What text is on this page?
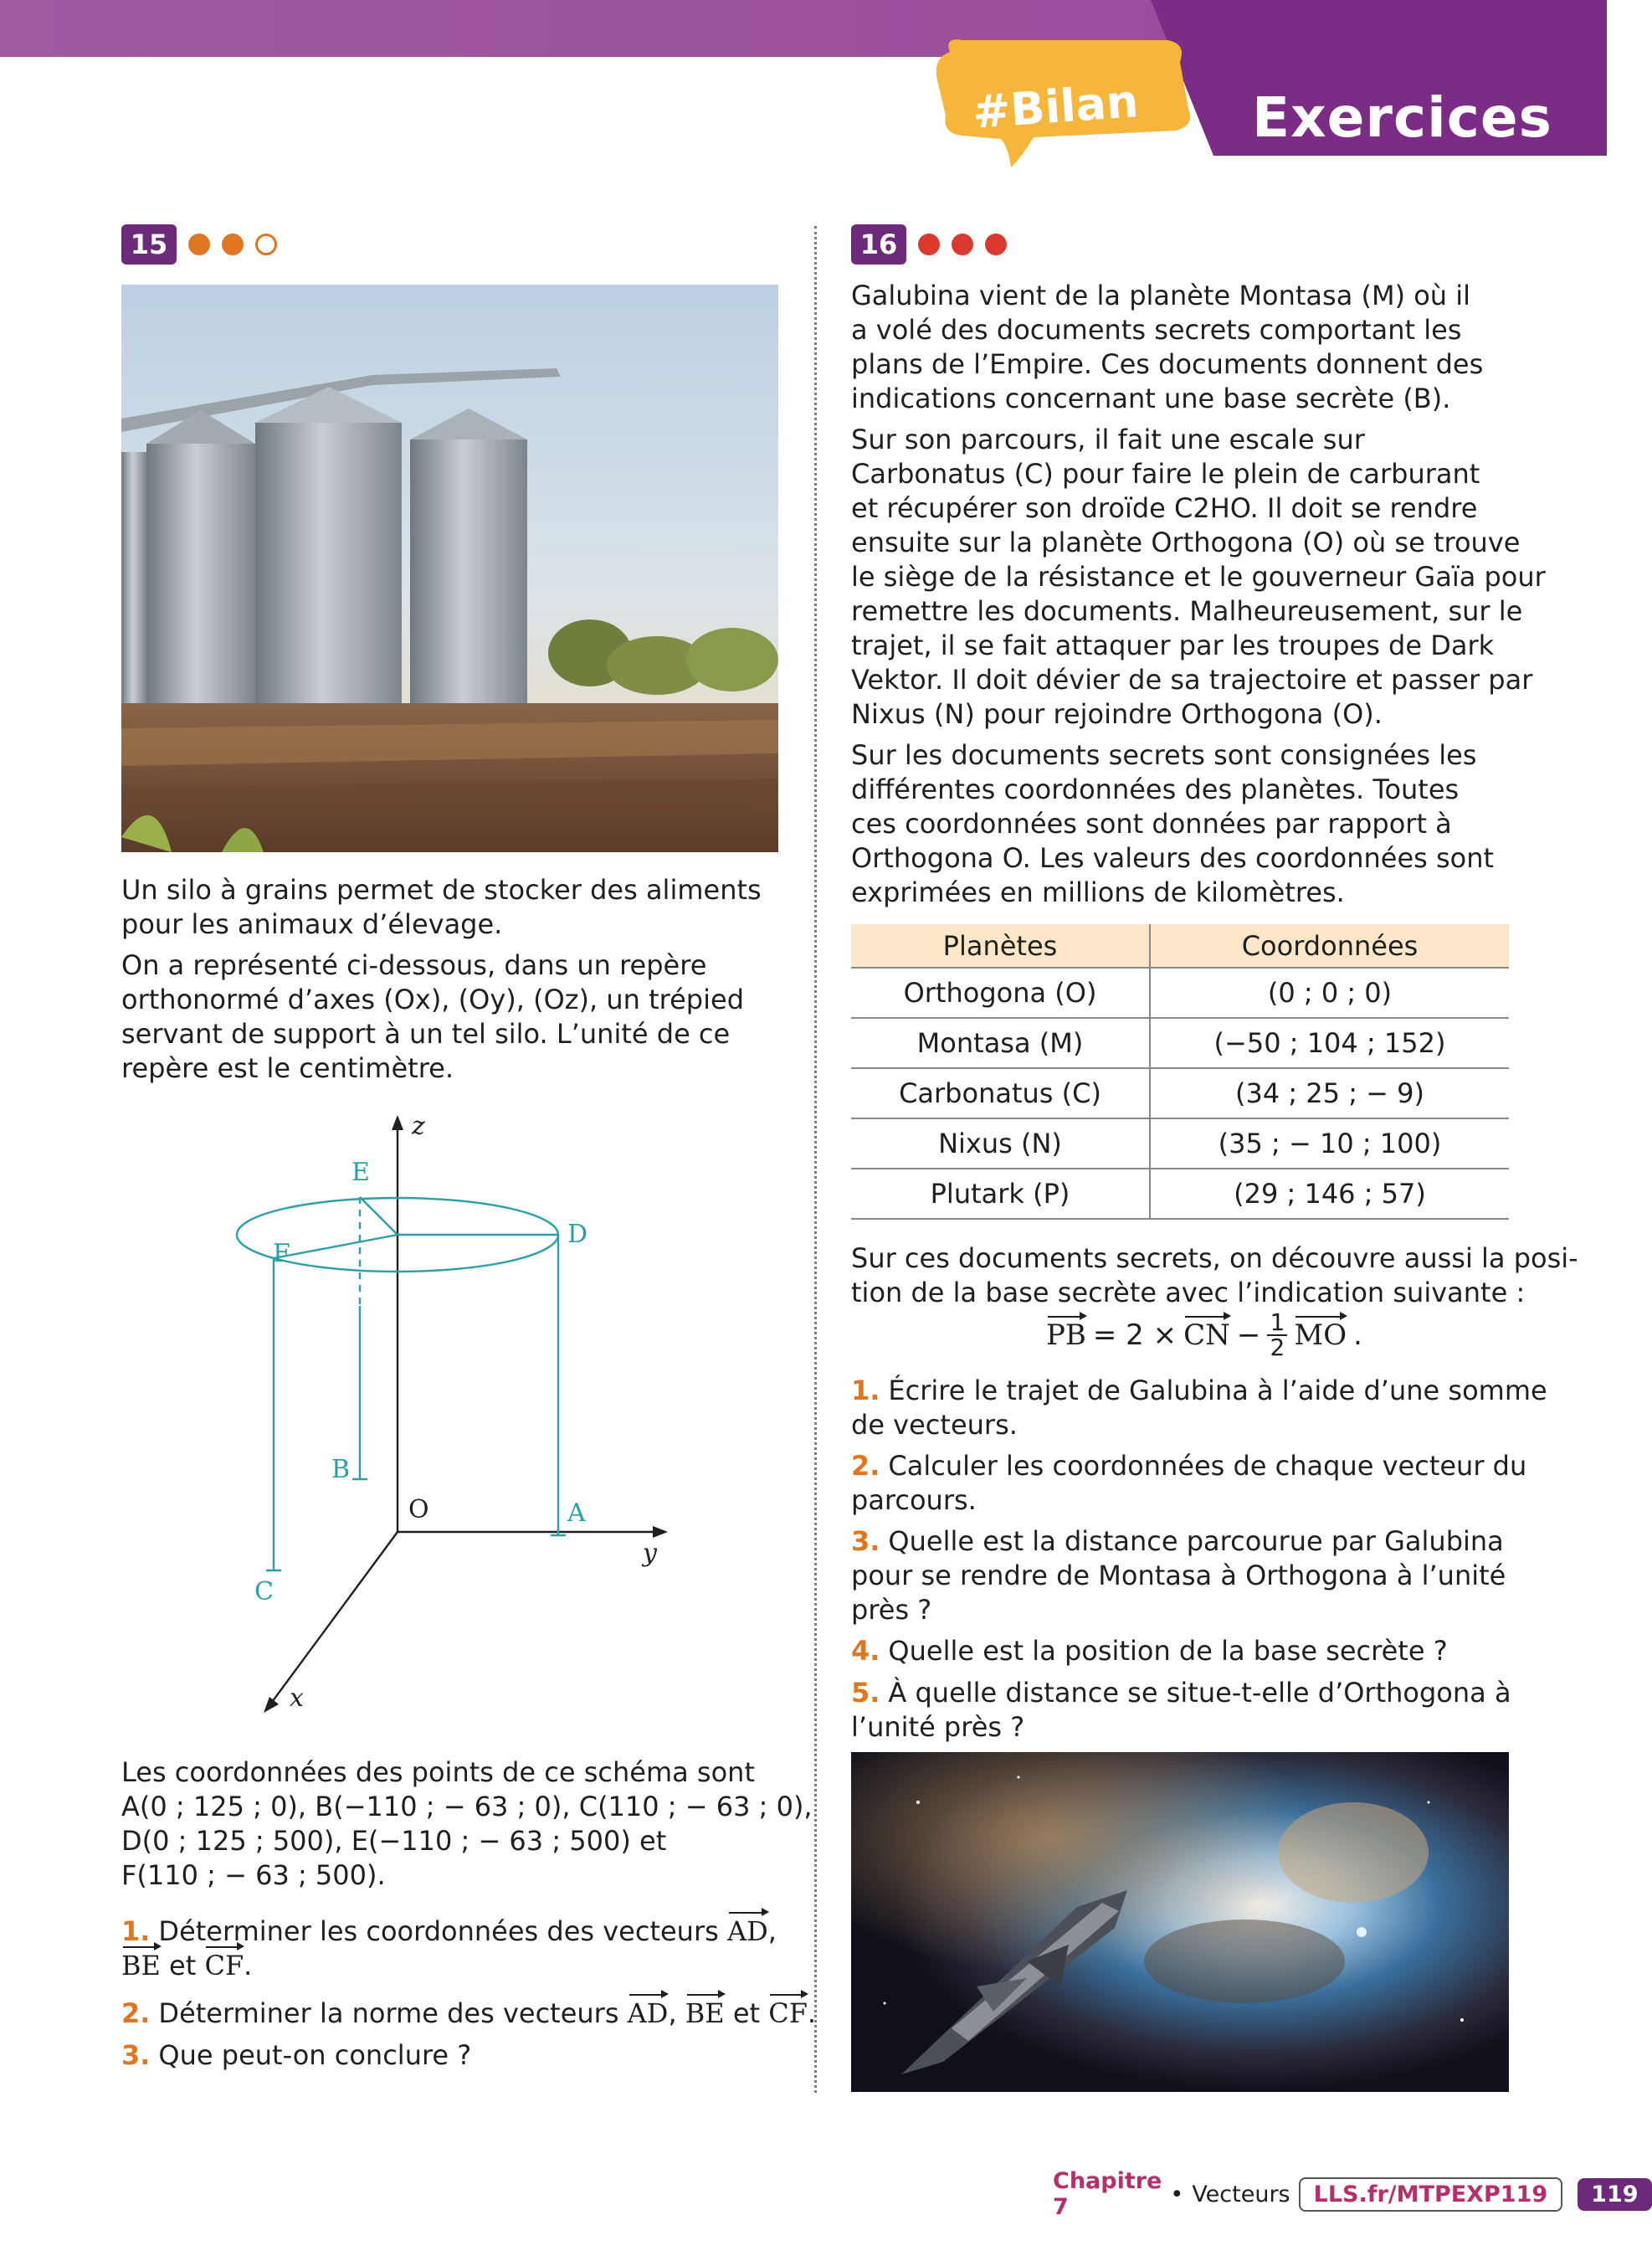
#Bilan Exercices
15
Un silo à grains permet de stocker des aliments pour les animaux d’élevage.
On a représenté ci-dessous, dans un repère
orthonormé d’axes (Ox), (Oy), (Oz), un trépied
servant de support à un tel silo. L’unité de ce
repère est le centimètre.
z
y
x
E
D
F
B
O	A
C
Les coordonnées des points de ce schéma sont
A(0 ; 125 ; 0), B(−110 ; − 63 ; 0), C(110 ; − 63 ; 0),
D(0 ; 125 ; 500), E(−110 ; − 63 ; 500) et
F(110 ; − 63 ; 500).
1. Déterminer les coordonnées des vecteurs AD,
BE et CF.
2. Déterminer la norme des vecteurs AD, BE et CF.
3. Que peut-on conclure ?
16
Galubina vient de la planète Montasa (M) où il
a volé des documents secrets comportant les
plans de l’Empire. Ces documents donnent des
indications concernant une base secrète (B).
Sur son parcours, il fait une escale sur
Carbonatus (C) pour faire le plein de carburant
et récupérer son droïde C2HO. Il doit se rendre
ensuite sur la planète Orthogona (O) où se trouve
le siège de la résistance et le gouverneur Gaïa pour
remettre les documents. Malheureusement, sur le
trajet, il se fait attaquer par les troupes de Dark
Vektor. Il doit dévier de sa trajectoire et passer par
Nixus (N) pour rejoindre Orthogona (O).
Sur les documents secrets sont consignées les
différentes coordonnées des planètes. Toutes
ces coordonnées sont données par rapport à
Orthogona O. Les valeurs des coordonnées sont
exprimées en millions de kilomètres.
Planètes	Coordonnées
Orthogona (O)	(0 ; 0 ; 0)
Montasa (M)	(−50 ; 104 ; 152)
Carbonatus (C)	(34 ; 25 ; − 9)
Nixus (N)	(35 ; − 10 ; 100)
Plutark (P)	(29 ; 146 ; 57)
Sur ces documents secrets, on découvre aussi la posi-
tion de la base secrète avec l’indication suivante :
PB = 2 × CN − $\frac{1}{2}$ MO .
1. Écrire le trajet de Galubina à l’aide d’une somme
de vecteurs.
2. Calculer les coordonnées de chaque vecteur du
parcours.
3. Quelle est la distance parcourue par Galubina
pour se rendre de Montasa à Orthogona à l’unité
près ?
4. Quelle est la position de la base secrète ?
5. À quelle distance se situe-t-elle d’Orthogona à
l’unité près ?
Chapitre 7	• Vecteurs	LLS.fr/MTPEXP119	119
